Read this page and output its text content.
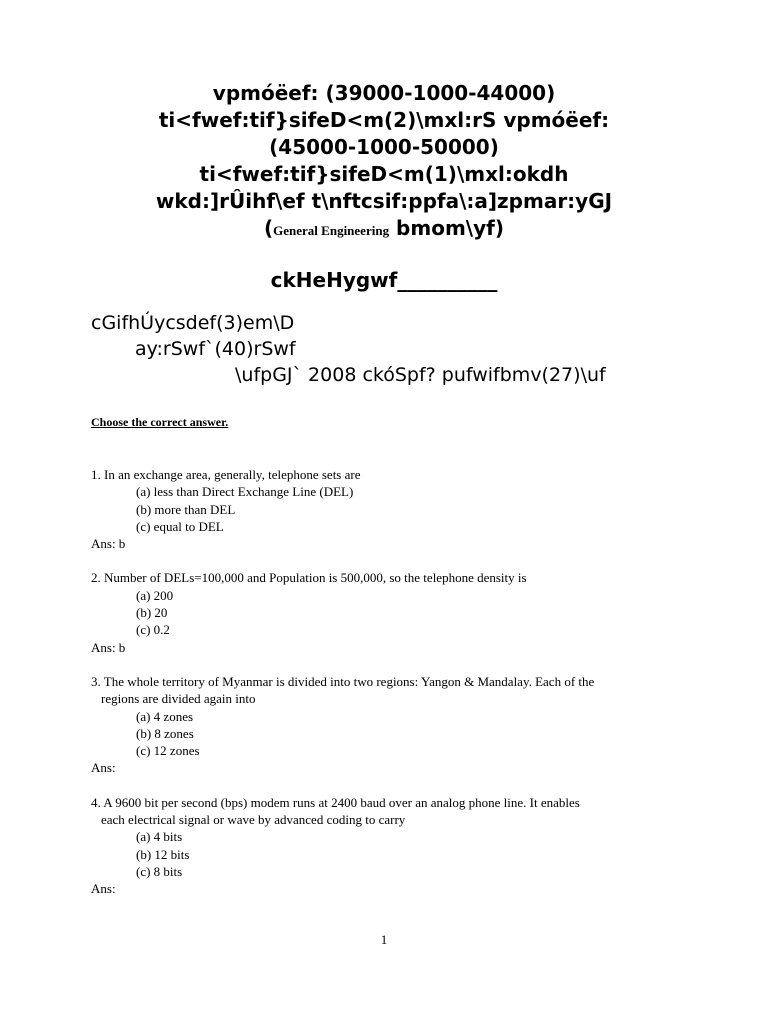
vpmóëef: (39000-1000-44000)
ti<fwef:tif}sifeD<m(2)\mxl:rS vpmóëef:
(45000-1000-50000)
ti<fwef:tif}sifeD<m(1)\mxl:okdh
wkd:]rÛihf\ef t\nftcsif:ppfa\:a]zpmar:yGJ
(General Engineering bmom\yf)
ckHeHygwf__________
cGifhÚycsdef(3)em\D
ay:rSwf`(40)rSwf
\ufpGJ` 2008 ckóSpf? pufwifbmv(27)\uf
Choose the correct answer.
1. In an exchange area, generally, telephone sets are
(a) less than Direct Exchange Line (DEL)
(b) more than DEL
(c) equal to DEL
Ans: b
2. Number of DELs=100,000 and Population is 500,000, so the telephone density is
(a) 200
(b) 20
(c) 0.2
Ans: b
3. The whole territory of Myanmar is divided into two regions: Yangon & Mandalay. Each of the
regions are divided again into
(a) 4 zones
(b) 8 zones
(c) 12 zones
Ans:
4. A 9600 bit per second (bps) modem runs at 2400 baud over an analog phone line. It enables
each electrical signal or wave by advanced coding to carry
(a) 4 bits
(b) 12 bits
(c) 8 bits
Ans:
1
